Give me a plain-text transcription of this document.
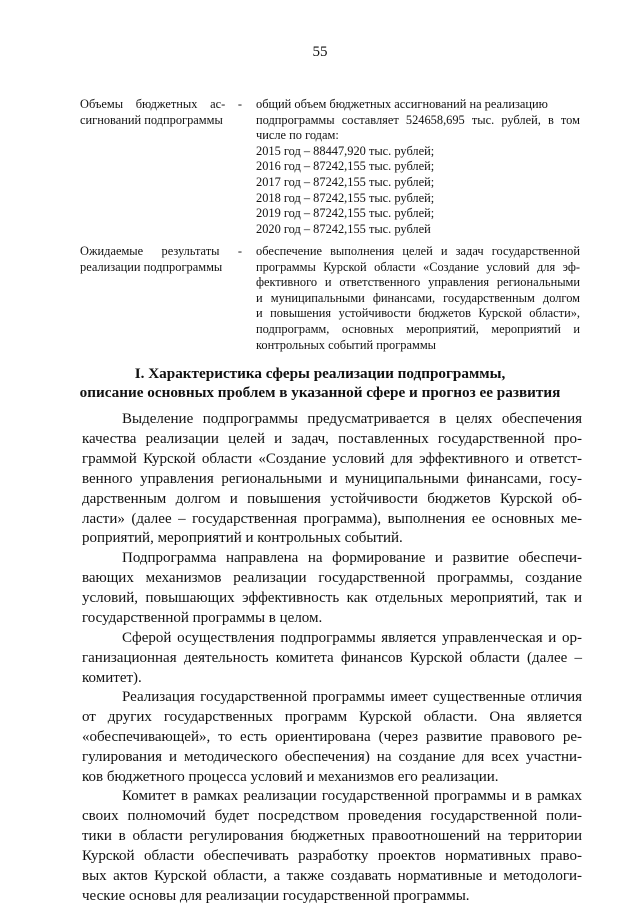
55
Объемы бюджетных ас- -
сигнований подпрограммы
общий объем бюджетных ассигнований на реализацию
подпрограммы составляет 524658,695 тыс. рублей, в том
числе по годам:
2015 год – 88447,920 тыс. рублей;
2016 год – 87242,155 тыс. рублей;
2017 год – 87242,155 тыс. рублей;
2018 год – 87242,155 тыс. рублей;
2019 год – 87242,155 тыс. рублей;
2020 год – 87242,155 тыс. рублей
Ожидаемые результаты -
реализации подпрограммы
обеспечение выполнения целей и задач государственной
программы Курской области «Создание условий для эф-
фективного и ответственного управления региональными
и муниципальными финансами, государственным долгом
и повышения устойчивости бюджетов Курской области»,
подпрограмм, основных мероприятий, мероприятий и
контрольных событий программы
I. Характеристика сферы реализации подпрограммы,
описание основных проблем в указанной сфере и прогноз ее развития
Выделение подпрограммы предусматривается в целях обеспечения
качества реализации целей и задач, поставленных государственной про-
граммой Курской области «Создание условий для эффективного и ответст-
венного управления региональными и муниципальными финансами, госу-
дарственным долгом и повышения устойчивости бюджетов Курской об-
ласти» (далее – государственная программа), выполнения ее основных ме-
роприятий, мероприятий и контрольных событий.
Подпрограмма направлена на формирование и развитие обеспечи-
вающих механизмов реализации государственной программы, создание
условий, повышающих эффективность как отдельных мероприятий, так и
государственной программы в целом.
Сферой осуществления подпрограммы является управленческая и ор-
ганизационная деятельность комитета финансов Курской области (далее –
комитет).
Реализация государственной программы имеет существенные отличия
от других государственных программ Курской области. Она является
«обеспечивающей», то есть ориентирована (через развитие правового ре-
гулирования и методического обеспечения) на создание для всех участни-
ков бюджетного процесса условий и механизмов его реализации.
Комитет в рамках реализации государственной программы и в рамках
своих полномочий будет посредством проведения государственной поли-
тики в области регулирования бюджетных правоотношений на территории
Курской области обеспечивать разработку проектов нормативных право-
вых актов Курской области, а также создавать нормативные и методологи-
ческие основы для реализации государственной программы.
